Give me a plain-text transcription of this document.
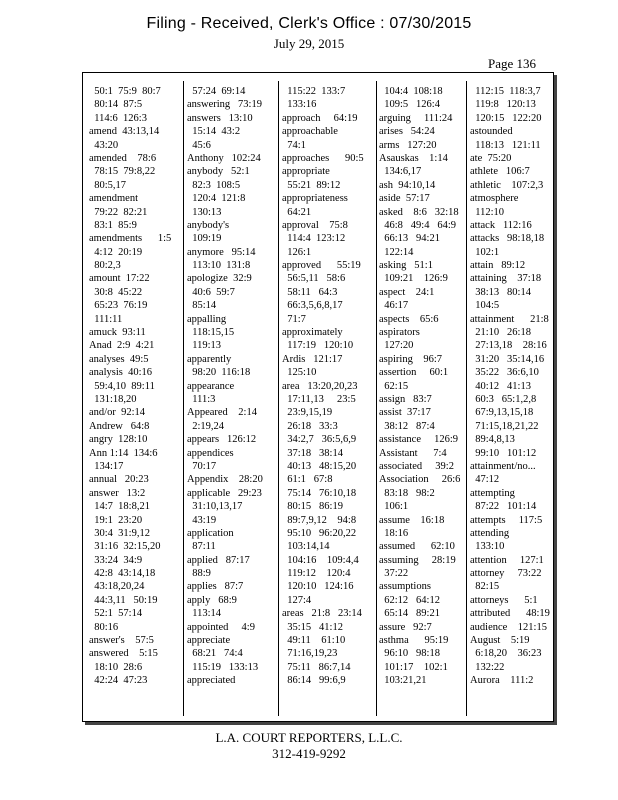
Filing - Received, Clerk's Office : 07/30/2015
July 29, 2015
Page 136
50:1  75:9  80:7
80:14  87:5
114:6  126:3
amend  43:13,14
43:20
amended    78:6
78:15  79:8,22
80:5,17
amendment
79:22  82:21
83:1  85:9
amendments      1:5
4:12  20:19
80:2,3
amount  17:22
30:8  45:22
65:23  76:19
111:11
amuck  93:11
Anad  2:9  4:21
analyses  49:5
analysis  40:16
59:4,10  89:11
131:18,20
and/or  92:14
Andrew   64:8
angry  128:10
Ann 1:14  134:6
134:17
annual   20:23
answer   13:2
14:7  18:8,21
19:1  23:20
30:4  31:9,12
31:16  32:15,20
33:24  34:9
42:8  43:14,18
43:18,20,24
44:3,11   50:19
52:1  57:14
80:16
answer's    57:5
answered    5:15
18:10  28:6
42:24  47:23
57:24  69:14
answering   73:19
answers   13:10
15:14  43:2
45:6
Anthony   102:24
anybody   52:1
82:3  108:5
120:4  121:8
130:13
anybody's
109:19
anymore   95:14
113:10  131:8
apologize  32:9
40:6  59:7
85:14
appalling
118:15,15
119:13
apparently
98:20  116:18
appearance
111:3
Appeared    2:14
2:19,24
appears   126:12
appendices
70:17
Appendix    28:20
applicable   29:23
31:10,13,17
43:19
application
87:11
applied   87:17
88:9
applies   87:7
apply   68:9
113:14
appointed     4:9
appreciate
68:21   74:4
115:19   133:13
appreciated
115:22  133:7
133:16
approach     64:19
approachable
74:1
approaches      90:5
appropriate
55:21  89:12
appropriateness
64:21
approval    75:8
114:4  123:12
126:1
approved      55:19
56:5,11   58:6
58:11   64:3
66:3,5,6,8,17
71:7
approximately
117:19   120:10
Ardis   121:17
125:10
area   13:20,20,23
17:11,13     23:5
23:9,15,19
26:18   33:3
34:2,7   36:5,6,9
37:18   38:14
40:13   48:15,20
61:1   67:8
75:14   76:10,18
80:15   86:19
89:7,9,12    94:8
95:10   96:20,22
103:14,14
104:16    109:4,4
119:12    120:4
120:10   124:16
127:4
areas   21:8   23:14
35:15   41:12
49:11    61:10
71:16,19,23
75:11   86:7,14
86:14   99:6,9
104:4  108:18
109:5   126:4
arguing     111:24
arises   54:24
arms   127:20
Asauskas    1:14
134:6,17
ash  94:10,14
aside  57:17
asked    8:6   32:18
46:8   49:4   64:9
66:13   94:21
122:14
asking   51:1
109:21    126:9
aspect    24:1
46:17
aspects    65:6
aspirators
127:20
aspiring    96:7
assertion     60:1
62:15
assign   83:7
assist  37:17
38:12   87:4
assistance     126:9
Assistant      7:4
associated     39:2
Association     26:6
83:18   98:2
106:1
assume    16:18
18:16
assumed      62:10
assuming     28:19
37:22
assumptions
62:12   64:12
65:14   89:21
assure   92:7
asthma      95:19
96:10   98:18
101:17    102:1
103:21,21
112:15  118:3,7
119:8   120:13
120:15   122:20
astounded
118:13   121:11
ate  75:20
athlete   106:7
athletic    107:2,3
atmosphere
112:10
attack   112:16
attacks   98:18,18
102:1
attain   89:12
attaining    37:18
38:13   80:14
104:5
attainment      21:8
21:10   26:18
27:13,18    28:16
31:20   35:14,16
35:22   36:6,10
40:12   41:13
60:3   65:1,2,8
67:9,13,15,18
71:15,18,21,22
89:4,8,13
99:10   101:12
attainment/no...
47:12
attempting
87:22   101:14
attempts     117:5
attending
133:10
attention     127:1
attorney     73:22
82:15
attorneys      5:1
attributed      48:19
audience    121:15
August    5:19
6:18,20    36:23
132:22
Aurora    111:2
L.A. COURT REPORTERS, L.L.C.
312-419-9292
